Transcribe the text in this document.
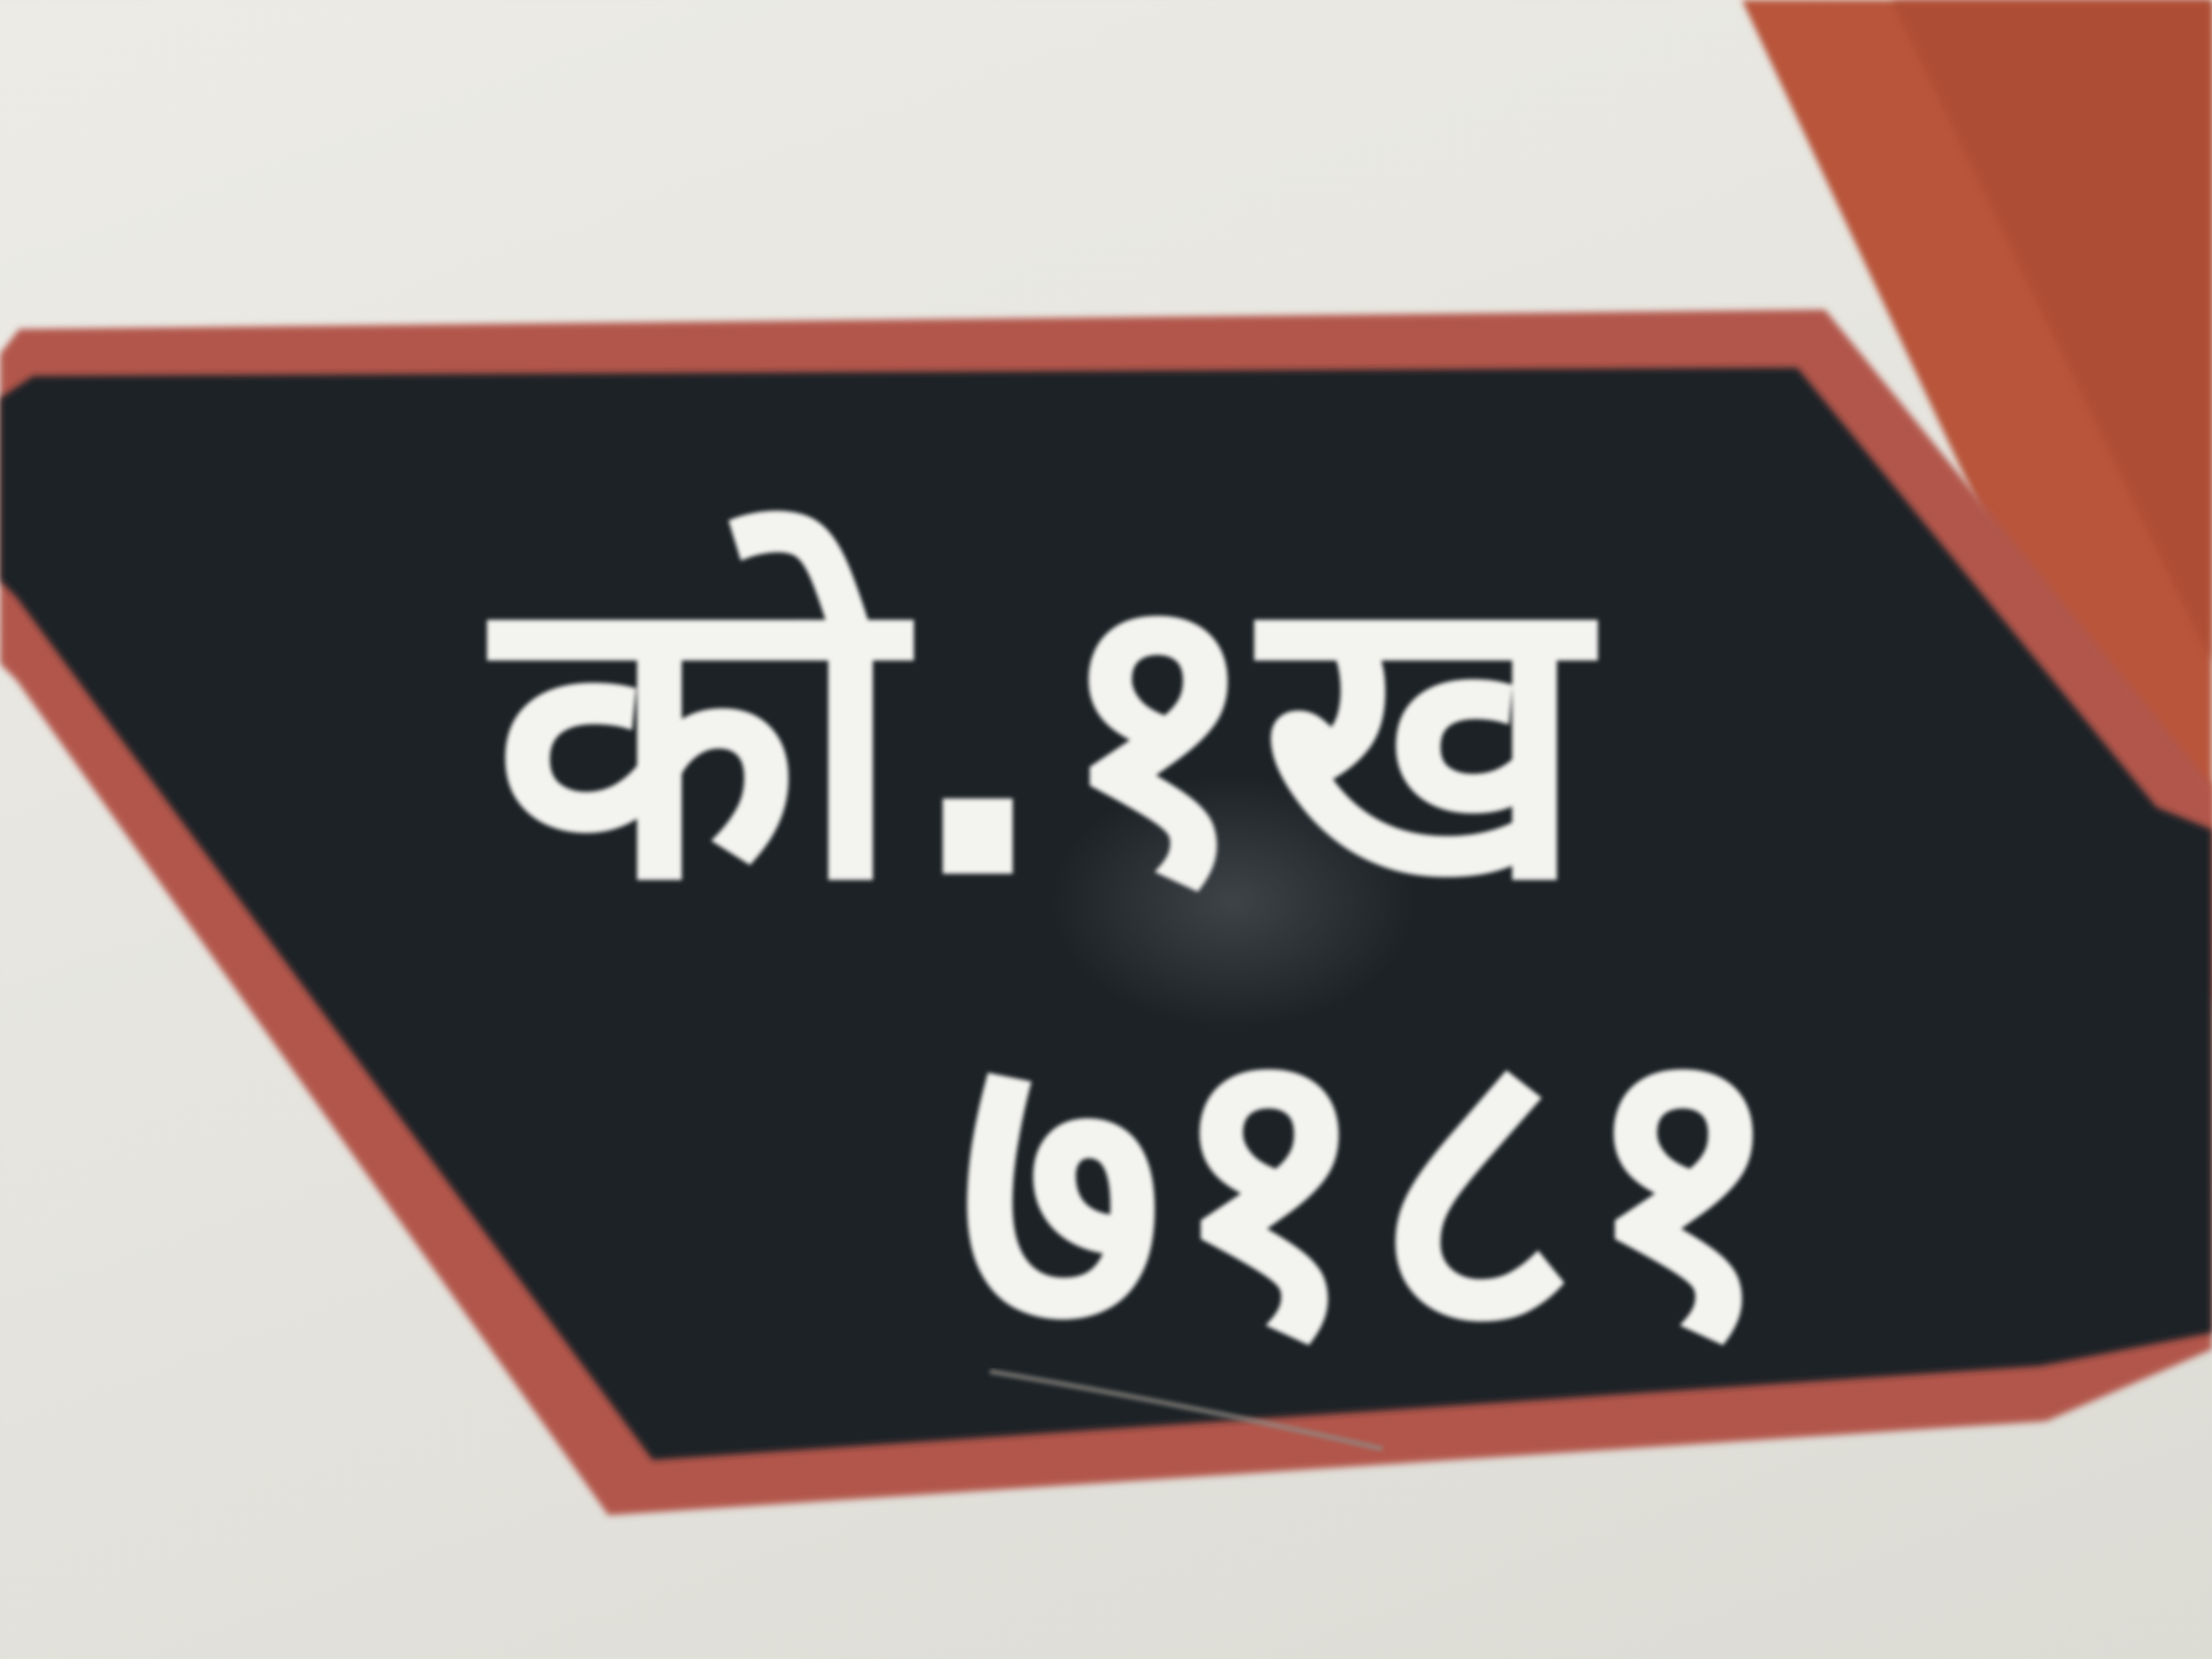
को.१ख
७१८१
